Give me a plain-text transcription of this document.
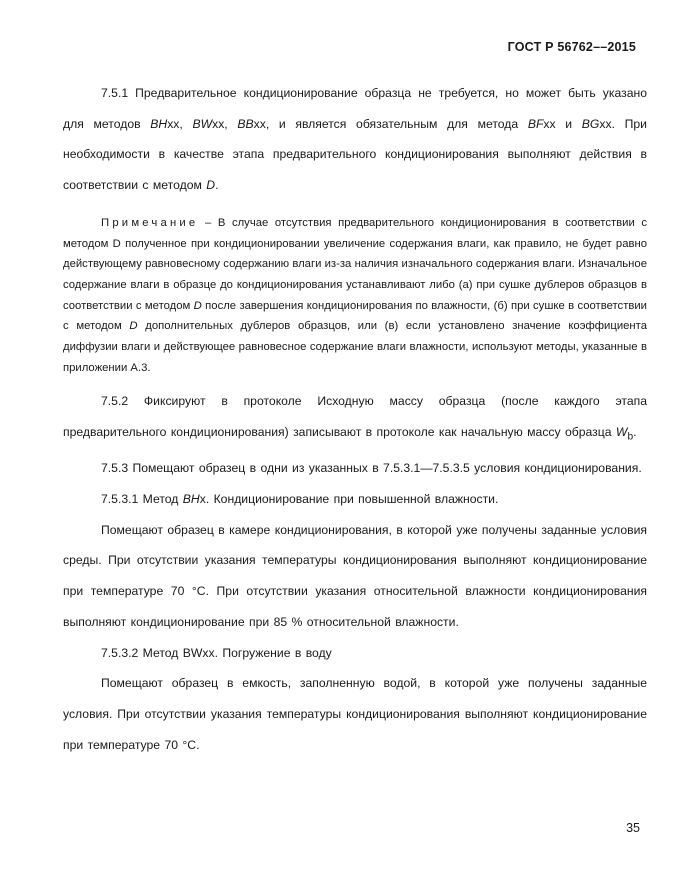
ГОСТ Р 56762––2015

7.5.1 Предварительное кондиционирование образца не требуется, но может быть указано для методов BHхх, BWхх, BBхх, и является обязательным для метода BFхх и BGхх. При необходимости в качестве этапа предварительного кондиционирования выполняют действия в соответствии с методом D.

Примечание – В случае отсутствия предварительного кондиционирования в соответствии с методом D полученное при кондиционировании увеличение содержания влаги, как правило, не будет равно действующему равновесному содержанию влаги из-за наличия изначального содержания влаги. Изначальное содержание влаги в образце до кондиционирования устанавливают либо (а) при сушке дублеров образцов в соответствии с методом D после завершения кондиционирования по влажности, (б) при сушке в соответствии с методом D дополнительных дублеров образцов, или (в) если установлено значение коэффициента диффузии влаги и действующее равновесное содержание влаги влажности, используют методы, указанные в приложении А.3.

7.5.2 Фиксируют в протоколе Исходную массу образца (после каждого этапа предварительного кондиционирования) записывают в протоколе как начальную массу образца $W_b$.

7.5.3 Помещают образец в одни из указанных в 7.5.3.1—7.5.3.5 условия кондиционирования.

7.5.3.1 Метод BHх. Кондиционирование при повышенной влажности.

Помещают образец в камере кондиционирования, в которой уже получены заданные условия среды. При отсутствии указания температуры кондиционирования выполняют кондиционирование при температуре 70 °С. При отсутствии указания относительной влажности кондиционирования выполняют кондиционирование при 85 % относительной влажности.

7.5.3.2 Метод BWхх. Погружение в воду

Помещают образец в емкость, заполненную водой, в которой уже получены заданные условия. При отсутствии указания температуры кондиционирования выполняют кондиционирование при температуре 70 °С.

35
